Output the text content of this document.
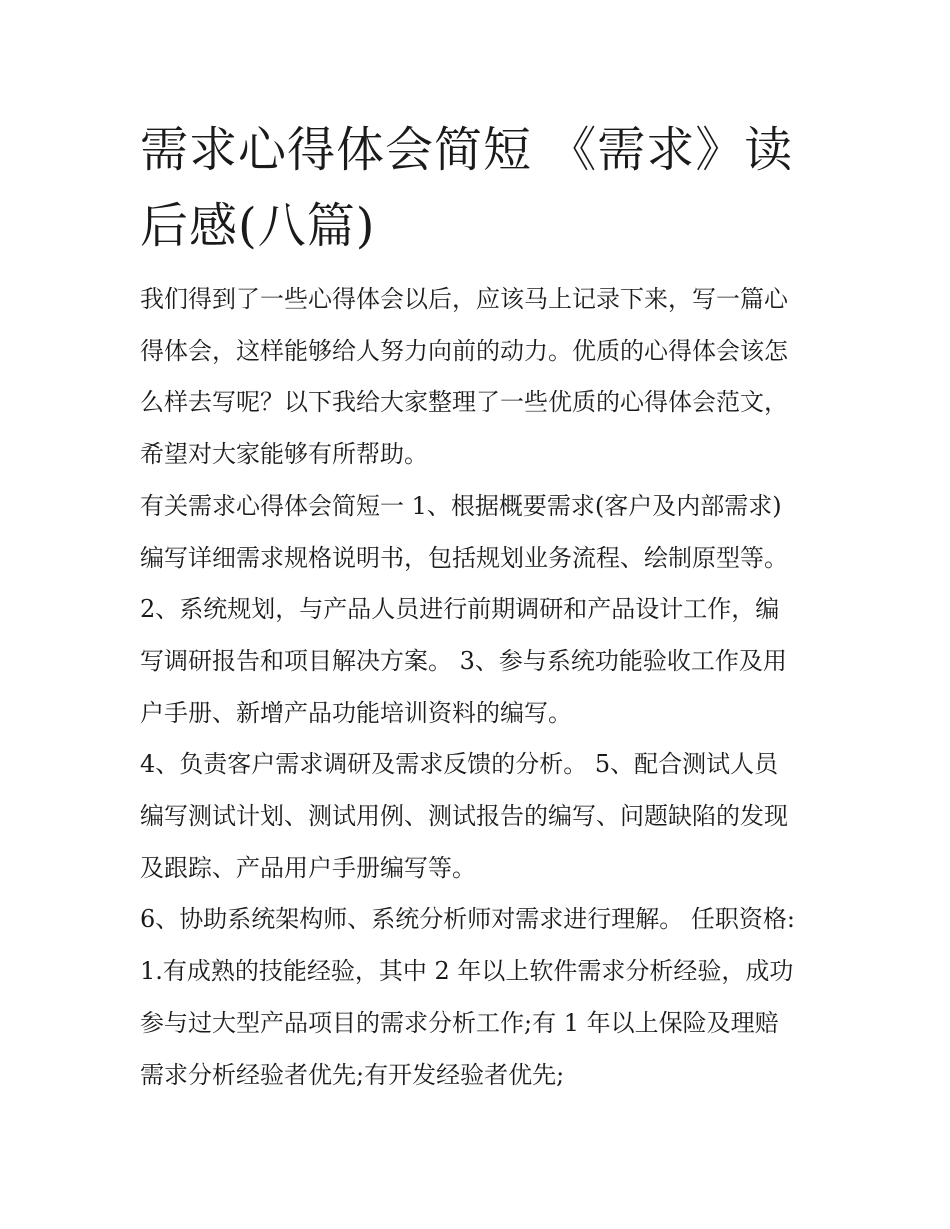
需求心得体会简短 《需求》读
后感(八篇)

我们得到了一些心得体会以后，应该马上记录下来，写一篇心
得体会，这样能够给人努力向前的动力。优质的心得体会该怎
么样去写呢？以下我给大家整理了一些优质的心得体会范文，
希望对大家能够有所帮助。

有关需求心得体会简短一 1、根据概要需求(客户及内部需求)
编写详细需求规格说明书，包括规划业务流程、绘制原型等。

2、系统规划，与产品人员进行前期调研和产品设计工作，编
写调研报告和项目解决方案。 3、参与系统功能验收工作及用
户手册、新增产品功能培训资料的编写。

4、负责客户需求调研及需求反馈的分析。 5、配合测试人员
编写测试计划、测试用例、测试报告的编写、问题缺陷的发现
及跟踪、产品用户手册编写等。

6、协助系统架构师、系统分析师对需求进行理解。 任职资格:
1.有成熟的技能经验，其中 2 年以上软件需求分析经验，成功
参与过大型产品项目的需求分析工作;有 1 年以上保险及理赔
需求分析经验者优先;有开发经验者优先;
